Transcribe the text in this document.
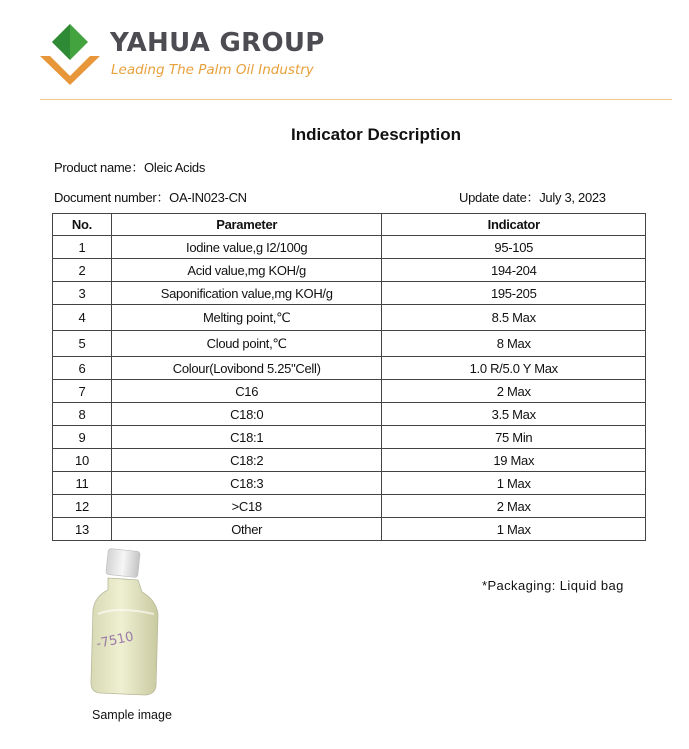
YAHUA GROUP
Leading The Palm Oil Industry
Indicator Description
Product name：Oleic Acids
Document number：OA-IN023-CN	Update date：July 3, 2023
No.	Parameter	Indicator
1	Iodine value,g I2/100g	95-105
2	Acid value,mg KOH/g	194-204
3	Saponification value,mg KOH/g	195-205
4	Melting point,℃	8.5 Max
5	Cloud point,℃	8 Max
6	Colour(Lovibond 5.25"Cell)	1.0 R/5.0 Y Max
7	C16	2 Max
8	C18:0	3.5 Max
9	C18:1	75 Min
10	C18:2	19 Max
11	C18:3	1 Max
12	>C18	2 Max
13	Other	1 Max
-7510
Sample image
*Packaging: Liquid bag
